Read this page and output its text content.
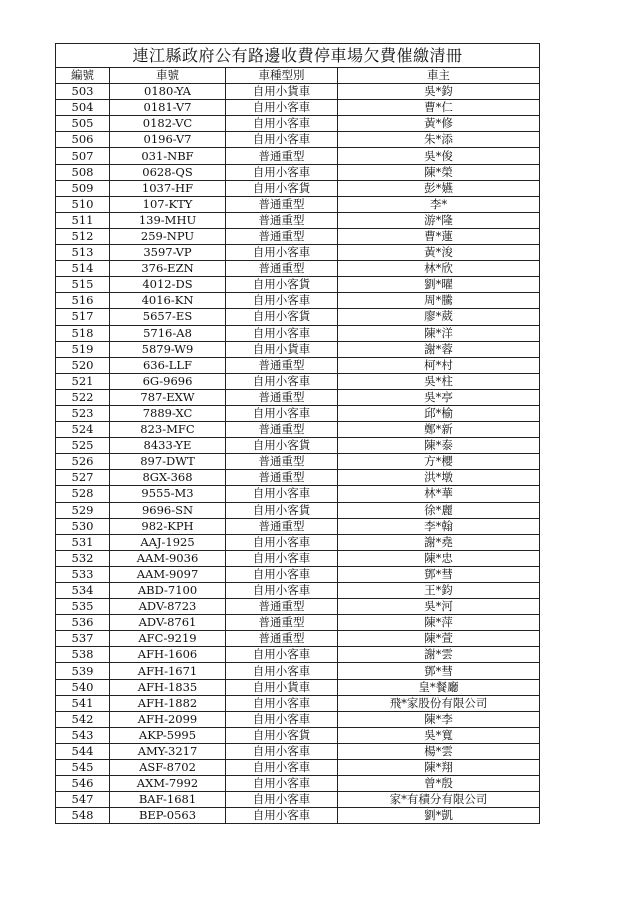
連江縣政府公有路邊收費停車場欠費催繳清冊			
編號	車號	車種型別	車主
503	0180-YA	自用小貨車	吳*鈞
504	0181-V7	自用小客車	曹*仁
505	0182-VC	自用小客車	黃*修
506	0196-V7	自用小客車	朱*添
507	031-NBF	普通重型	吳*俊
508	0628-QS	自用小客車	陳*榮
509	1037-HF	自用小客貨	彭*嬿
510	107-KTY	普通重型	李*
511	139-MHU	普通重型	游*隆
512	259-NPU	普通重型	曹*蓮
513	3597-VP	自用小客車	黃*浚
514	376-EZN	普通重型	林*欣
515	4012-DS	自用小客貨	劉*曜
516	4016-KN	自用小客車	周*騰
517	5657-ES	自用小客貨	廖*葳
518	5716-A8	自用小客車	陳*洋
519	5879-W9	自用小貨車	謝*蓉
520	636-LLF	普通重型	柯*村
521	6G-9696	自用小客車	吳*柱
522	787-EXW	普通重型	吳*亭
523	7889-XC	自用小客車	邱*榆
524	823-MFC	普通重型	鄭*新
525	8433-YE	自用小客貨	陳*泰
526	897-DWT	普通重型	方*櫻
527	8GX-368	普通重型	洪*墩
528	9555-M3	自用小客車	林*華
529	9696-SN	自用小客貨	徐*麗
530	982-KPH	普通重型	李*翰
531	AAJ-1925	自用小客車	謝*堯
532	AAM-9036	自用小客車	陳*忠
533	AAM-9097	自用小客車	鄧*彗
534	ABD-7100	自用小客車	王*鈞
535	ADV-8723	普通重型	吳*河
536	ADV-8761	普通重型	陳*萍
537	AFC-9219	普通重型	陳*萱
538	AFH-1606	自用小客車	謝*雲
539	AFH-1671	自用小客車	鄧*彗
540	AFH-1835	自用小貨車	皇*餐廳
541	AFH-1882	自用小客車	飛*家股份有限公司
542	AFH-2099	自用小客車	陳*李
543	AKP-5995	自用小客貨	吳*寬
544	AMY-3217	自用小客車	楊*雲
545	ASF-8702	自用小客車	陳*翔
546	AXM-7992	自用小客車	曾*殷
547	BAF-1681	自用小客車	家*有積分有限公司
548	BEP-0563	自用小客車	劉*凱
